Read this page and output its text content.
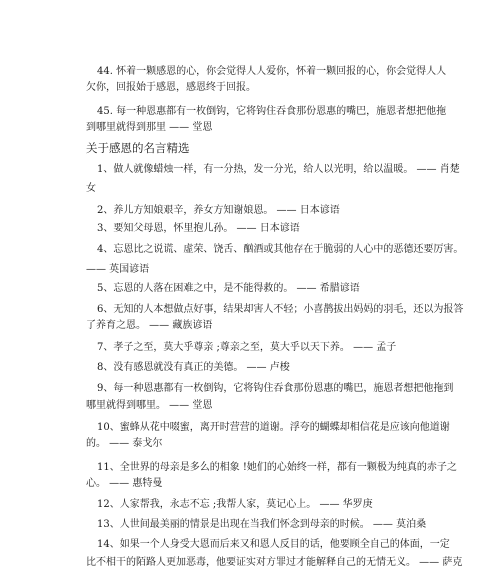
44. 怀着一颗感恩的心，你会觉得人人爱你，怀着一颗回报的心，你会觉得人人
欠你，回报始于感恩，感恩终于回报。
45. 每一种恩惠都有一枚倒钩，它将钩住吞食那份恩惠的嘴巴，施恩者想把他拖
到哪里就得到那里 —— 堂恩
关于感恩的名言精选
1、做人就像蜡烛一样，有一分热，发一分光，给人以光明，给以温暖。 —— 肖楚
女
2、养儿方知娘艰辛，养女方知谢娘恩。 —— 日本谚语
3、要知父母恩，怀里抱儿孙。 —— 日本谚语
4、忘恩比之说谎、虚荣、饶舌、酗酒或其他存在于脆弱的人心中的恶德还要厉害。
—— 英国谚语
5、忘恩的人落在困难之中，是不能得救的。 —— 希腊谚语
6、无知的人本想做点好事，结果却害人不轻；小喜鹊拔出妈妈的羽毛，还以为报答
了养育之恩。 —— 藏族谚语
7、孝子之至，莫大乎尊亲 ;尊亲之至，莫大乎以天下养。 —— 孟子
8、没有感恩就没有真正的美德。 —— 卢梭
9、每一种恩惠都有一枚倒钩，它将钩住吞食那份恩惠的嘴巴，施恩者想把他拖到
哪里就得到哪里。 —— 堂恩
10、蜜蜂从花中啜蜜，离开时营营的道谢。浮夸的蝴蝶却相信花是应该向他道谢
的。 —— 泰戈尔
11、全世界的母亲是多么的相象 !她们的心始终一样，都有一颗极为纯真的赤子之
心。 —— 惠特曼
12、人家帮我，永志不忘 ;我帮人家，莫记心上。 —— 华罗庚
13、人世间最美丽的情景是出现在当我们怀念到母亲的时候。 —— 莫泊桑
14、如果一个人身受大恩而后来又和恩人反目的话，他要顾全自己的体面，一定
比不相干的陌路人更加恶毒，他要证实对方罪过才能解释自己的无情无义。 —— 萨克
